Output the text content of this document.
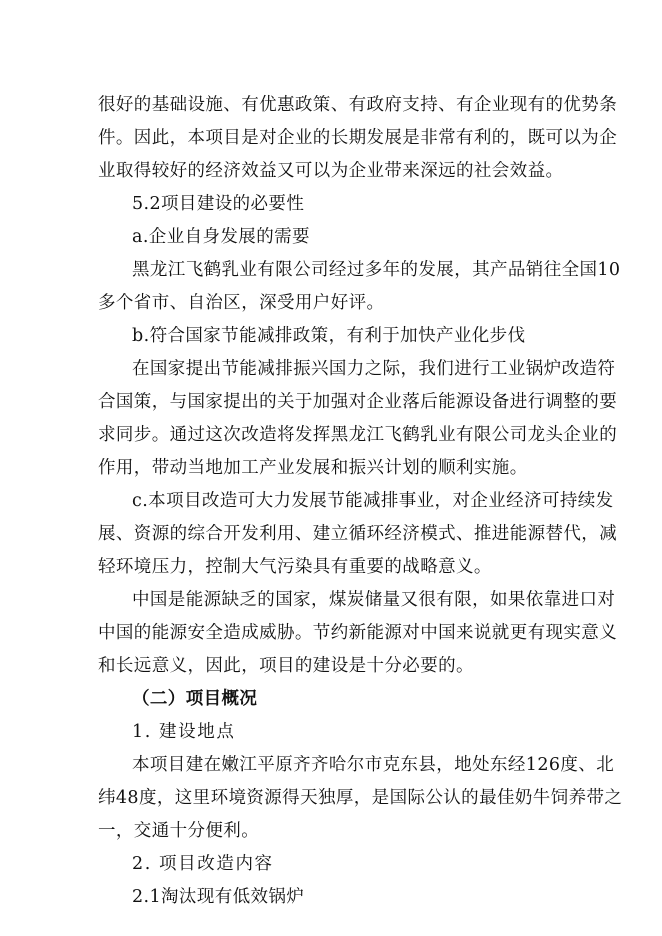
很好的基础设施、有优惠政策、有政府支持、有企业现有的优势条

件。因此，本项目是对企业的长期发展是非常有利的，既可以为企

业取得较好的经济效益又可以为企业带来深远的社会效益。

5.2项目建设的必要性

a.企业自身发展的需要

黑龙江飞鹤乳业有限公司经过多年的发展，其产品销往全国10

多个省市、自治区，深受用户好评。

b.符合国家节能减排政策，有利于加快产业化步伐

在国家提出节能减排振兴国力之际，我们进行工业锅炉改造符

合国策，与国家提出的关于加强对企业落后能源设备进行调整的要

求同步。通过这次改造将发挥黑龙江飞鹤乳业有限公司龙头企业的

作用，带动当地加工产业发展和振兴计划的顺利实施。

c.本项目改造可大力发展节能减排事业，对企业经济可持续发

展、资源的综合开发利用、建立循环经济模式、推进能源替代，减

轻环境压力，控制大气污染具有重要的战略意义。

中国是能源缺乏的国家，煤炭储量又很有限，如果依靠进口对

中国的能源安全造成威胁。节约新能源对中国来说就更有现实意义

和长远意义，因此，项目的建设是十分必要的。

（二）项目概况

1. 建设地点

本项目建在嫩江平原齐齐哈尔市克东县，地处东经126度、北

纬48度，这里环境资源得天独厚，是国际公认的最佳奶牛饲养带之

一，交通十分便利。

2. 项目改造内容

2.1淘汰现有低效锅炉
